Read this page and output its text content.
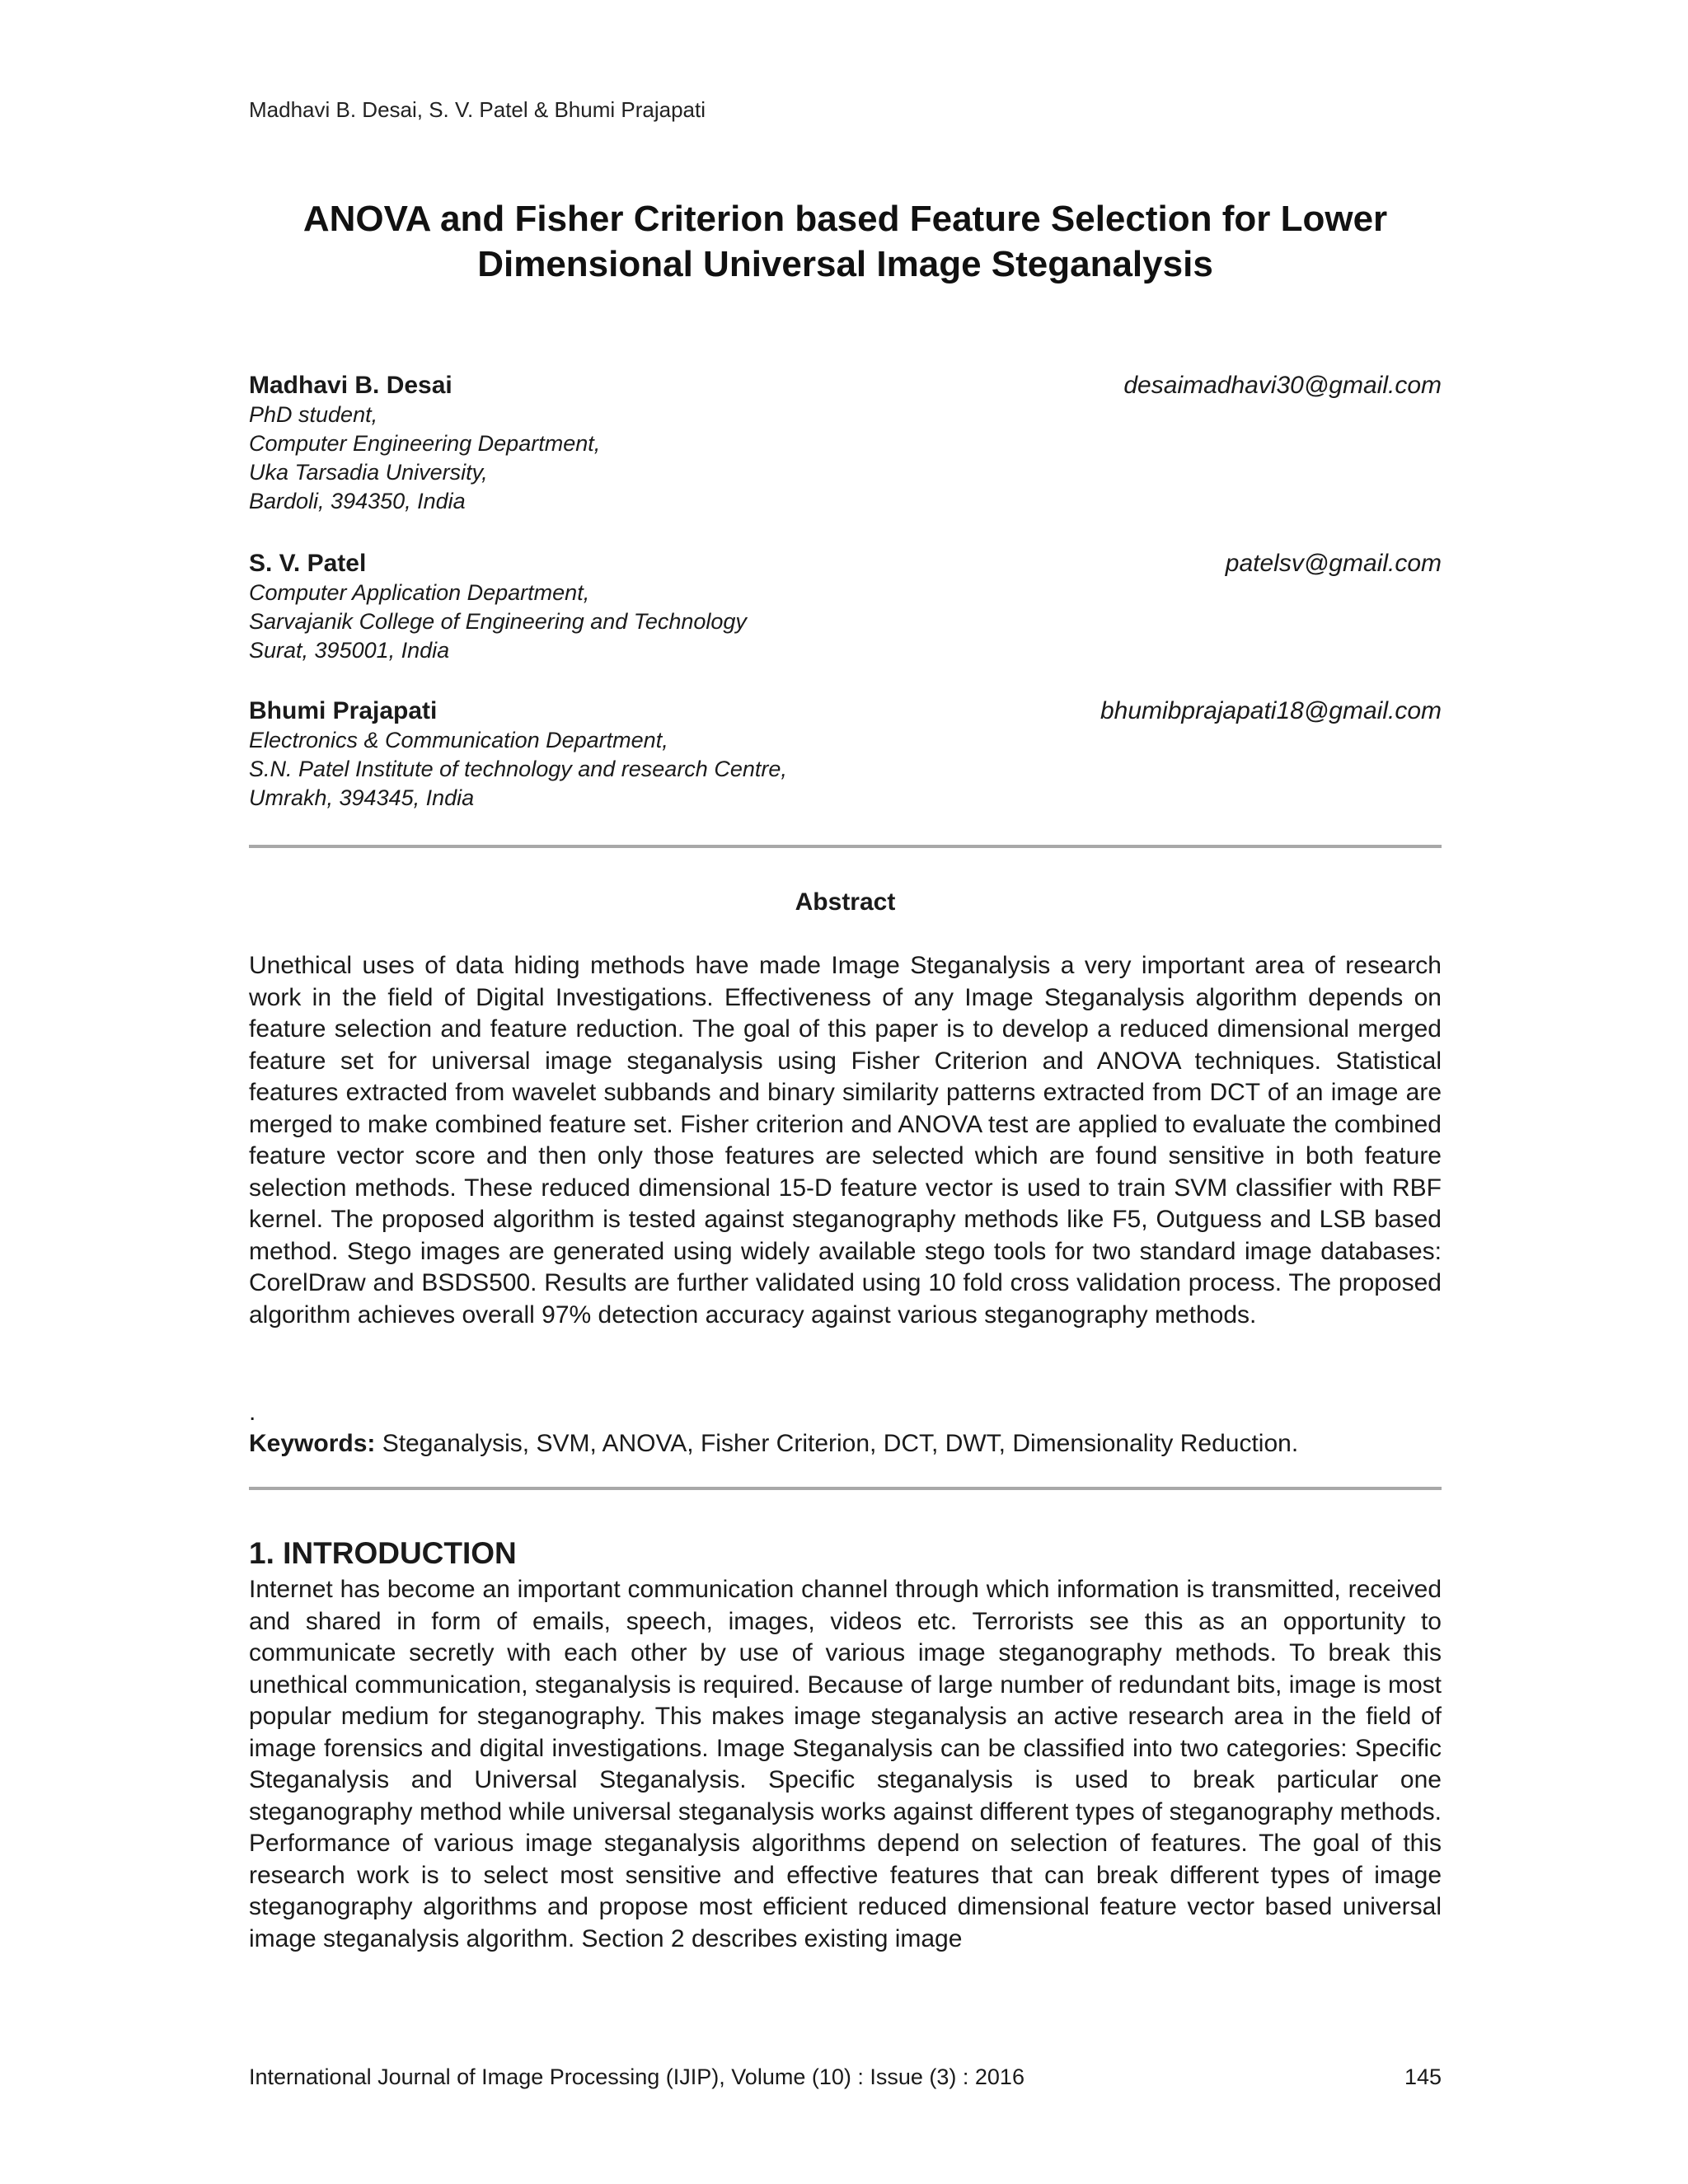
Madhavi B. Desai, S. V. Patel & Bhumi Prajapati
ANOVA and Fisher Criterion based Feature Selection for Lower Dimensional Universal Image Steganalysis
Madhavi B. Desai	desaimadhavi30@gmail.com
PhD student,
Computer Engineering Department,
Uka Tarsadia University,
Bardoli, 394350, India
S. V. Patel	patelsv@gmail.com
Computer Application Department,
Sarvajanik College of Engineering and Technology
Surat, 395001, India
Bhumi Prajapati	bhumibprajapati18@gmail.com
Electronics & Communication Department,
S.N. Patel Institute of technology and research Centre,
Umrakh, 394345, India
Abstract
Unethical uses of data hiding methods have made Image Steganalysis a very important area of research work in the field of Digital Investigations. Effectiveness of any Image Steganalysis algorithm depends on feature selection and feature reduction. The goal of this paper is to develop a reduced dimensional merged feature set for universal image steganalysis using Fisher Criterion and ANOVA techniques. Statistical features extracted from wavelet subbands and binary similarity patterns extracted from DCT of an image are merged to make combined feature set. Fisher criterion and ANOVA test are applied to evaluate the combined feature vector score and then only those features are selected which are found sensitive in both feature selection methods. These reduced dimensional 15-D feature vector is used to train SVM classifier with RBF kernel. The proposed algorithm is tested against steganography methods like F5, Outguess and LSB based method. Stego images are generated using widely available stego tools for two standard image databases: CorelDraw and BSDS500. Results are further validated using 10 fold cross validation process. The proposed algorithm achieves overall 97% detection accuracy against various steganography methods.
.
Keywords: Steganalysis, SVM, ANOVA, Fisher Criterion, DCT, DWT, Dimensionality Reduction.
1. INTRODUCTION
Internet has become an important communication channel through which information is transmitted, received and shared in form of emails, speech, images, videos etc. Terrorists see this as an opportunity to communicate secretly with each other by use of various image steganography methods. To break this unethical communication, steganalysis is required. Because of large number of redundant bits, image is most popular medium for steganography. This makes image steganalysis an active research area in the field of image forensics and digital investigations. Image Steganalysis can be classified into two categories: Specific Steganalysis and Universal Steganalysis. Specific steganalysis is used to break particular one steganography method while universal steganalysis works against different types of steganography methods. Performance of various image steganalysis algorithms depend on selection of features. The goal of this research work is to select most sensitive and effective features that can break different types of image steganography algorithms and propose most efficient reduced dimensional feature vector based universal image steganalysis algorithm. Section 2 describes existing image
International Journal of Image Processing (IJIP), Volume (10) : Issue (3) : 2016	145
